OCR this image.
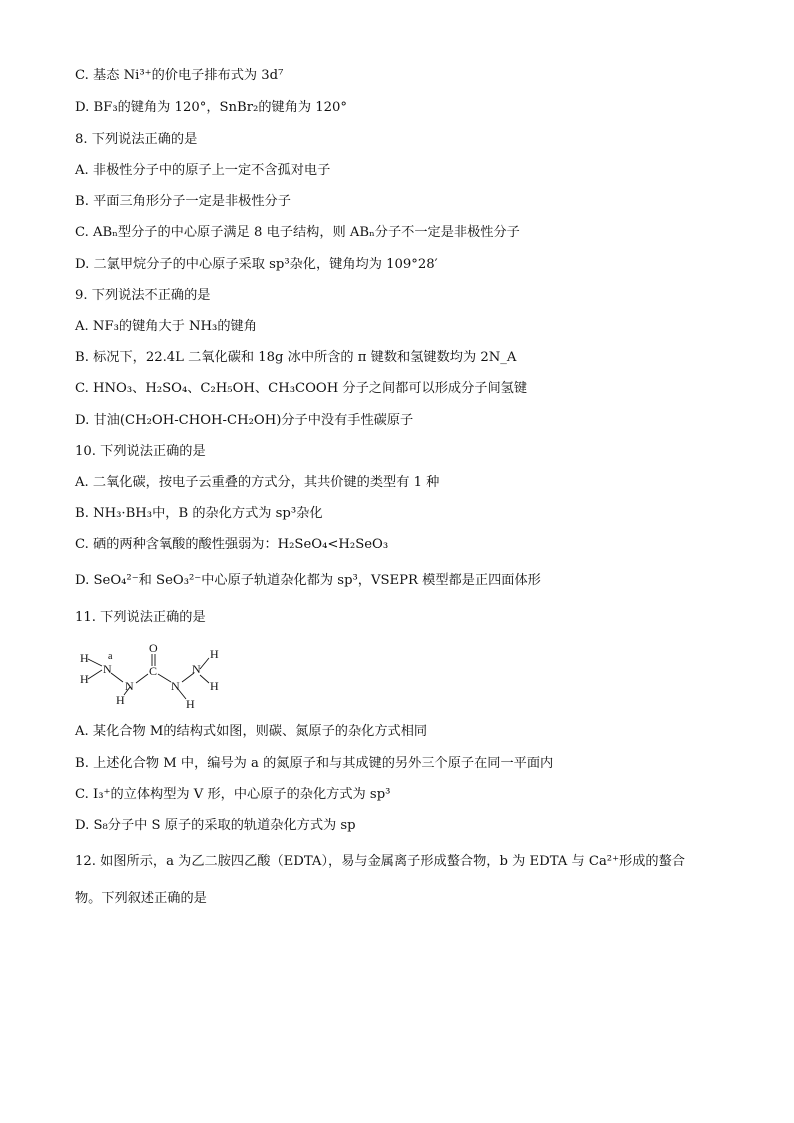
C. 基态 Ni³⁺的价电子排布式为 3d⁷
D. BF₃的键角为 120°，SnBr₂的键角为 120°
8. 下列说法正确的是
A. 非极性分子中的原子上一定不含孤对电子
B. 平面三角形分子一定是非极性分子
C. ABₙ型分子的中心原子满足 8 电子结构，则 ABₙ分子不一定是非极性分子
D. 二氯甲烷分子的中心原子采取 sp³杂化，键角均为 109°28′
9. 下列说法不正确的是
A. NF₃的键角大于 NH₃的键角
B. 标况下，22.4L 二氧化碳和 18g 冰中所含的 π 键数和氢键数均为 2N_A
C. HNO₃、H₂SO₄、C₂H₅OH、CH₃COOH 分子之间都可以形成分子间氢键
D. 甘油(CH₂OH-CHOH-CH₂OH)分子中没有手性碳原子
10. 下列说法正确的是
A. 二氧化碳，按电子云重叠的方式分，其共价键的类型有 1 种
B. NH₃·BH₃中，B 的杂化方式为 sp³杂化
C. 硒的两种含氧酸的酸性强弱为：H₂SeO₄<H₂SeO₃
D. SeO₄²⁻和 SeO₃²⁻中心原子轨道杂化都为 sp³，VSEPR 模型都是正四面体形
11. 下列说法正确的是
H
N
a
H	N
H
C
O
N
H
N
H
H
A. 某化合物 M的结构式如图，则碳、氮原子的杂化方式相同
B. 上述化合物 M 中，编号为 a 的氮原子和与其成键的另外三个原子在同一平面内
C. I₃⁺的立体构型为 V 形，中心原子的杂化方式为 sp³
D. S₈分子中 S 原子的采取的轨道杂化方式为 sp
12. 如图所示，a 为乙二胺四乙酸（EDTA），易与金属离子形成螯合物，b 为 EDTA 与 Ca²⁺形成的螯合
物。下列叙述正确的是
